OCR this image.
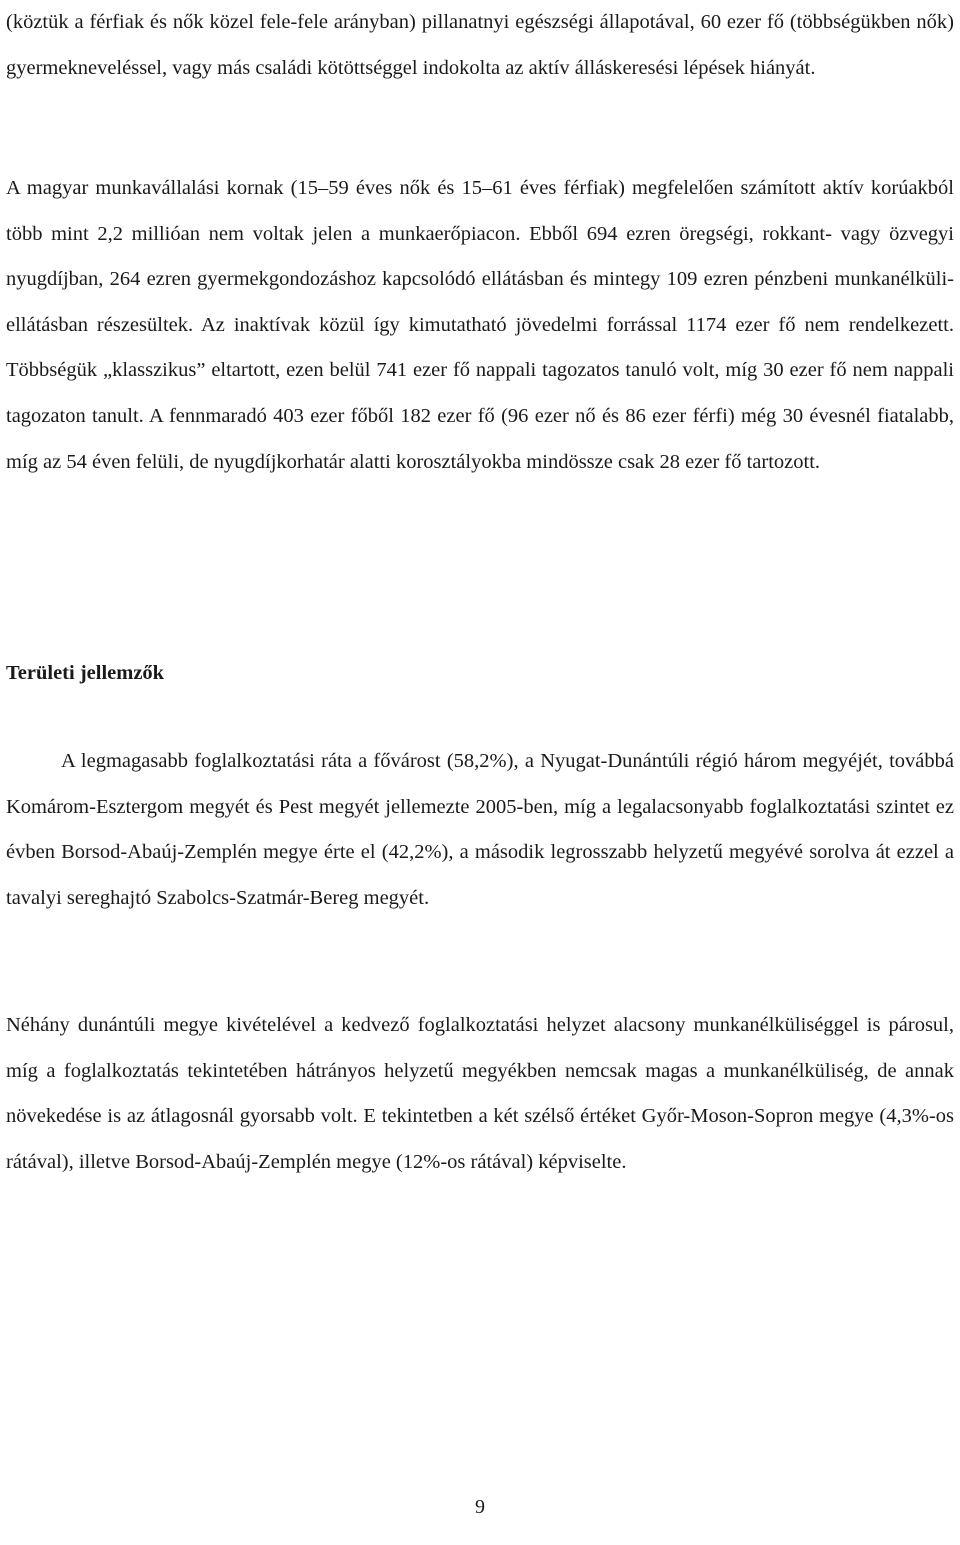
(köztük a férfiak és nők közel fele-fele arányban) pillanatnyi egészségi állapotával, 60 ezer fő (többségükben nők) gyermekneveléssel, vagy más családi kötöttséggel indokolta az aktív álláskeresési lépések hiányát.

A magyar munkavállalási kornak (15–59 éves nők és 15–61 éves férfiak) megfelelően számított aktív korúakból több mint 2,2 millióan nem voltak jelen a munkaerőpiacon. Ebből 694 ezren öregségi, rokkant- vagy özvegyi nyugdíjban, 264 ezren gyermekgondozáshoz kapcsolódó ellátásban és mintegy 109 ezren pénzbeni munkanélküli-ellátásban részesültek. Az inaktívak közül így kimutatható jövedelmi forrással 1174 ezer fő nem rendelkezett. Többségük „klasszikus” eltartott, ezen belül 741 ezer fő nappali tagozatos tanuló volt, míg 30 ezer fő nem nappali tagozaton tanult. A fennmaradó 403 ezer főből 182 ezer fő (96 ezer nő és 86 ezer férfi) még 30 évesnél fiatalabb, míg az 54 éven felüli, de nyugdíjkorhatár alatti korosztályokba mindössze csak 28 ezer fő tartozott.

Területi jellemzők

A legmagasabb foglalkoztatási ráta a fővárost (58,2%), a Nyugat-Dunántúli régió három megyéjét, továbbá Komárom-Esztergom megyét és Pest megyét jellemezte 2005-ben, míg a legalacsonyabb foglalkoztatási szintet ez évben Borsod-Abaúj-Zemplén megye érte el (42,2%), a második legrosszabb helyzetű megyévé sorolva át ezzel a tavalyi sereghajtó Szabolcs-Szatmár-Bereg megyét.

Néhány dunántúli megye kivételével a kedvező foglalkoztatási helyzet alacsony munkanélküliséggel is párosul, míg a foglalkoztatás tekintetében hátrányos helyzetű megyékben nemcsak magas a munkanélküliség, de annak növekedése is az átlagosnál gyorsabb volt. E tekintetben a két szélső értéket Győr-Moson-Sopron megye (4,3%-os rátával), illetve Borsod-Abaúj-Zemplén megye (12%-os rátával) képviselte.

9
